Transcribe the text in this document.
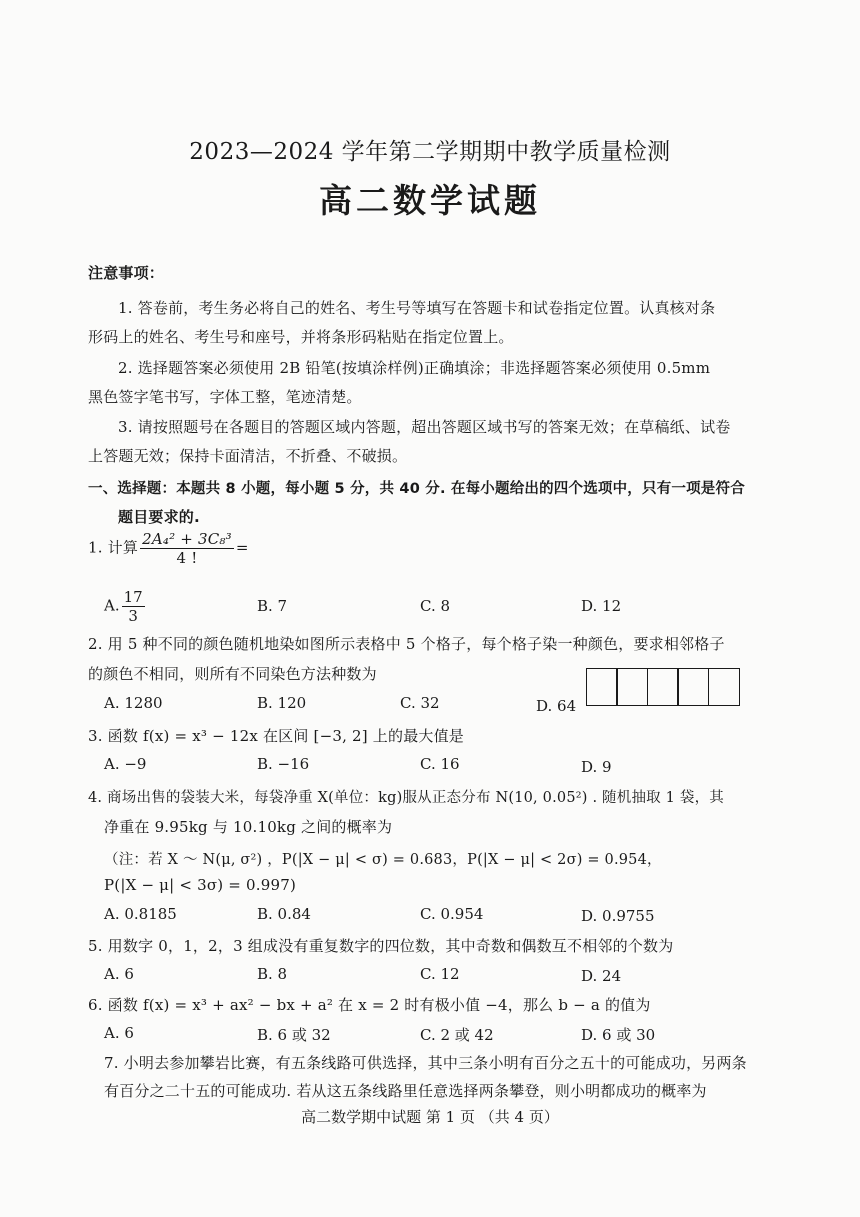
2023—2024 学年第二学期期中教学质量检测
高二数学试题
注意事项：
1. 答卷前，考生务必将自己的姓名、考生号等填写在答题卡和试卷指定位置。认真核对条
形码上的姓名、考生号和座号，并将条形码粘贴在指定位置上。
2. 选择题答案必须使用 2B 铅笔(按填涂样例)正确填涂；非选择题答案必须使用 0.5mm
黑色签字笔书写，字体工整，笔迹清楚。
3. 请按照题号在各题目的答题区域内答题，超出答题区域书写的答案无效；在草稿纸、试卷
上答题无效；保持卡面清洁，不折叠、不破损。
一、选择题：本题共 8 小题，每小题 5 分，共 40 分. 在每小题给出的四个选项中，只有一项是符合
题目要求的.
1. 计算 $\frac{\text{2A₄² + 3C₈³}}{4 !}$ =
A. $\frac{17}{3}$	B. 7	C. 8	D. 12
2. 用 5 种不同的颜色随机地染如图所示表格中 5 个格子，每个格子染一种颜色，要求相邻格子
的颜色不相同，则所有不同染色方法种数为
A. 1280	B. 120	C. 32	D. 64
3. 函数 f(x) = x³ − 12x 在区间 [−3, 2] 上的最大值是
A. −9	B. −16	C. 16	D. 9
4. 商场出售的袋装大米，每袋净重 X(单位：kg)服从正态分布 N(10, 0.05²) . 随机抽取 1 袋，其
净重在 9.95kg 与 10.10kg 之间的概率为
（注：若 X ～ N(μ, σ²) ，P(|X − μ| < σ) = 0.683，P(|X − μ| < 2σ) = 0.954，
P(|X − μ| < 3σ) = 0.997)
A. 0.8185	B. 0.84	C. 0.954	D. 0.9755
5. 用数字 0，1，2，3 组成没有重复数字的四位数，其中奇数和偶数互不相邻的个数为
A. 6	B. 8	C. 12	D. 24
6. 函数 f(x) = x³ + ax² − bx + a² 在 x = 2 时有极小值 −4，那么 b − a 的值为
A. 6	B. 6 或 32	C. 2 或 42	D. 6 或 30
7. 小明去参加攀岩比赛，有五条线路可供选择，其中三条小明有百分之五十的可能成功，另两条
有百分之二十五的可能成功. 若从这五条线路里任意选择两条攀登，则小明都成功的概率为
高二数学期中试题 第 1 页 （共 4 页）
